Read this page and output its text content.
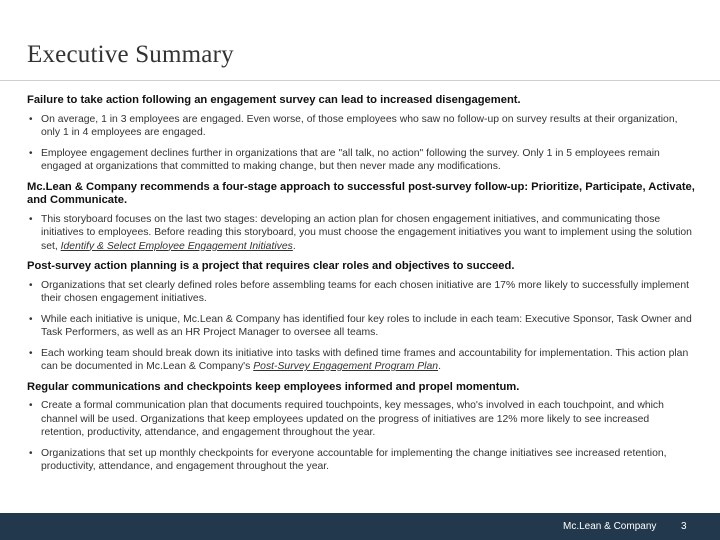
Executive Summary
Failure to take action following an engagement survey can lead to increased disengagement.
• On average, 1 in 3 employees are engaged. Even worse, of those employees who saw no follow-up on survey results at their organization, only 1 in 4 employees are engaged.
• Employee engagement declines further in organizations that are "all talk, no action" following the survey. Only 1 in 5 employees remain engaged at organizations that committed to making change, but then never made any modifications.
Mc.Lean & Company recommends a four-stage approach to successful post-survey follow-up: Prioritize, Participate, Activate, and Communicate.
• This storyboard focuses on the last two stages: developing an action plan for chosen engagement initiatives, and communicating those initiatives to employees. Before reading this storyboard, you must choose the engagement initiatives you want to implement using the solution set, Identify & Select Employee Engagement Initiatives.
Post-survey action planning is a project that requires clear roles and objectives to succeed.
• Organizations that set clearly defined roles before assembling teams for each chosen initiative are 17% more likely to successfully implement their chosen engagement initiatives.
• While each initiative is unique, Mc.Lean & Company has identified four key roles to include in each team: Executive Sponsor, Task Owner and Task Performers, as well as an HR Project Manager to oversee all teams.
• Each working team should break down its initiative into tasks with defined time frames and accountability for implementation. This action plan can be documented in Mc.Lean & Company's Post-Survey Engagement Program Plan.
Regular communications and checkpoints keep employees informed and propel momentum.
• Create a formal communication plan that documents required touchpoints, key messages, who's involved in each touchpoint, and which channel will be used. Organizations that keep employees updated on the progress of initiatives are 12% more likely to see increased retention, productivity, attendance, and engagement throughout the year.
• Organizations that set up monthly checkpoints for everyone accountable for implementing the change initiatives see increased retention, productivity, attendance, and engagement throughout the year.
Mc.Lean & Company 3
